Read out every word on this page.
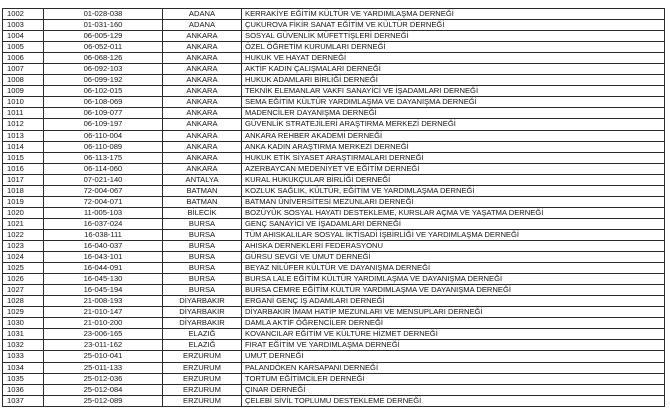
1002	01-028-038	ADANA	KERRAKİYE EĞİTİM KÜLTÜR VE YARDIMLAŞMA DERNEĞİ
1003	01-031-160	ADANA	ÇUKUROVA FİKİR SANAT EĞİTİM VE KÜLTÜR DERNEĞİ
1004	06-005-129	ANKARA	SOSYAL GÜVENLİK MÜFETTİŞLERİ DERNEĞİ
1005	06-052-011	ANKARA	ÖZEL ÖĞRETİM KURUMLARI DERNEĞİ
1006	06-068-126	ANKARA	HUKUK VE HAYAT DERNEĞİ
1007	06-092-103	ANKARA	AKTİF KADIN ÇALIŞMALARI DERNEĞİ
1008	06-099-192	ANKARA	HUKUK ADAMLARI BİRLİĞİ DERNEĞİ
1009	06-102-015	ANKARA	TEKNİK ELEMANLAR VAKFI SANAYİCİ VE İŞADAMLARI DERNEĞİ
1010	06-108-069	ANKARA	SEMA EĞİTİM KÜLTÜR YARDIMLAŞMA VE DAYANIŞMA DERNEĞİ
1011	06-109-077	ANKARA	MADENCİLER DAYANIŞMA DERNEĞİ
1012	06-109-197	ANKARA	GÜVENLİK STRATEJİLERİ ARAŞTIRMA MERKEZİ DERNEĞİ
1013	06-110-004	ANKARA	ANKARA REHBER AKADEMİ DERNEĞİ
1014	06-110-089	ANKARA	ANKA KADIN ARAŞTIRMA MERKEZİ DERNEĞİ
1015	06-113-175	ANKARA	HUKUK ETİK SİYASET ARAŞTIRMALARI DERNEĞİ
1016	06-114-060	ANKARA	AZERBAYCAN MEDENİYET VE EĞİTİM DERNEĞİ
1017	07-021-140	ANTALYA	KURAL HUKUKÇULAR BİRLİĞİ DERNEĞİ
1018	72-004-067	BATMAN	KOZLUK SAĞLIK, KÜLTÜR, EĞİTİM VE YARDIMLAŞMA DERNEĞİ
1019	72-004-071	BATMAN	BATMAN ÜNİVERSİTESİ MEZUNLARI DERNEĞİ
1020	11-005-103	BİLECİK	BOZÜYÜK SOSYAL HAYATI DESTEKLEME, KURSLAR AÇMA VE YAŞATMA DERNEĞİ
1021	16-037-024	BURSA	GENÇ SANAYİCİ VE İŞADAMLARI DERNEĞİ
1022	16-038-111	BURSA	TÜM AHISKALILAR SOSYAL İKTİSADİ İŞBİRLİĞİ VE YARDIMLAŞMA DERNEĞİ
1023	16-040-037	BURSA	AHISKA DERNEKLERİ FEDERASYONU
1024	16-043-101	BURSA	GÜRSU SEVGİ VE UMUT DERNEĞİ
1025	16-044-091	BURSA	BEYAZ NİLÜFER KÜLTÜR VE DAYANIŞMA DERNEĞİ
1026	16-045-130	BURSA	BURSA LALE EĞİTİM KÜLTÜR YARDIMLAŞMA VE DAYANIŞMA DERNEĞİ
1027	16-045-194	BURSA	BURSA CEMRE EĞİTİM KÜLTÜR YARDIMLAŞMA VE DAYANIŞMA DERNEĞİ
1028	21-008-193	DİYARBAKIR	ERGANİ GENÇ İŞ ADAMLARI DERNEĞİ
1029	21-010-147	DİYARBAKIR	DİYARBAKIR İMAM HATİP MEZUNLARI VE MENSUPLARI DERNEĞİ
1030	21-010-200	DİYARBAKIR	DAMLA AKTİF ÖĞRENCİLER DERNEĞİ
1031	23-006-165	ELAZIĞ	KOVANCILAR EĞİTİM VE KÜLTÜRE HİZMET DERNEĞİ
1032	23-011-162	ELAZIĞ	FIRAT EĞİTİM VE YARDIMLAŞMA DERNEĞİ
1033	25-010-041	ERZURUM	UMUT DERNEĞİ
1034	25-011-133	ERZURUM	PALANDÖKEN KARSAPANI DERNEĞİ
1035	25-012-036	ERZURUM	TORTUM EĞİTİMCİLER DERNEĞİ
1036	25-012-084	ERZURUM	ÇINAR DERNEĞİ
1037	25-012-089	ERZURUM	ÇELEBİ SİVİL TOPLUMU DESTEKLEME DERNEĞİ
